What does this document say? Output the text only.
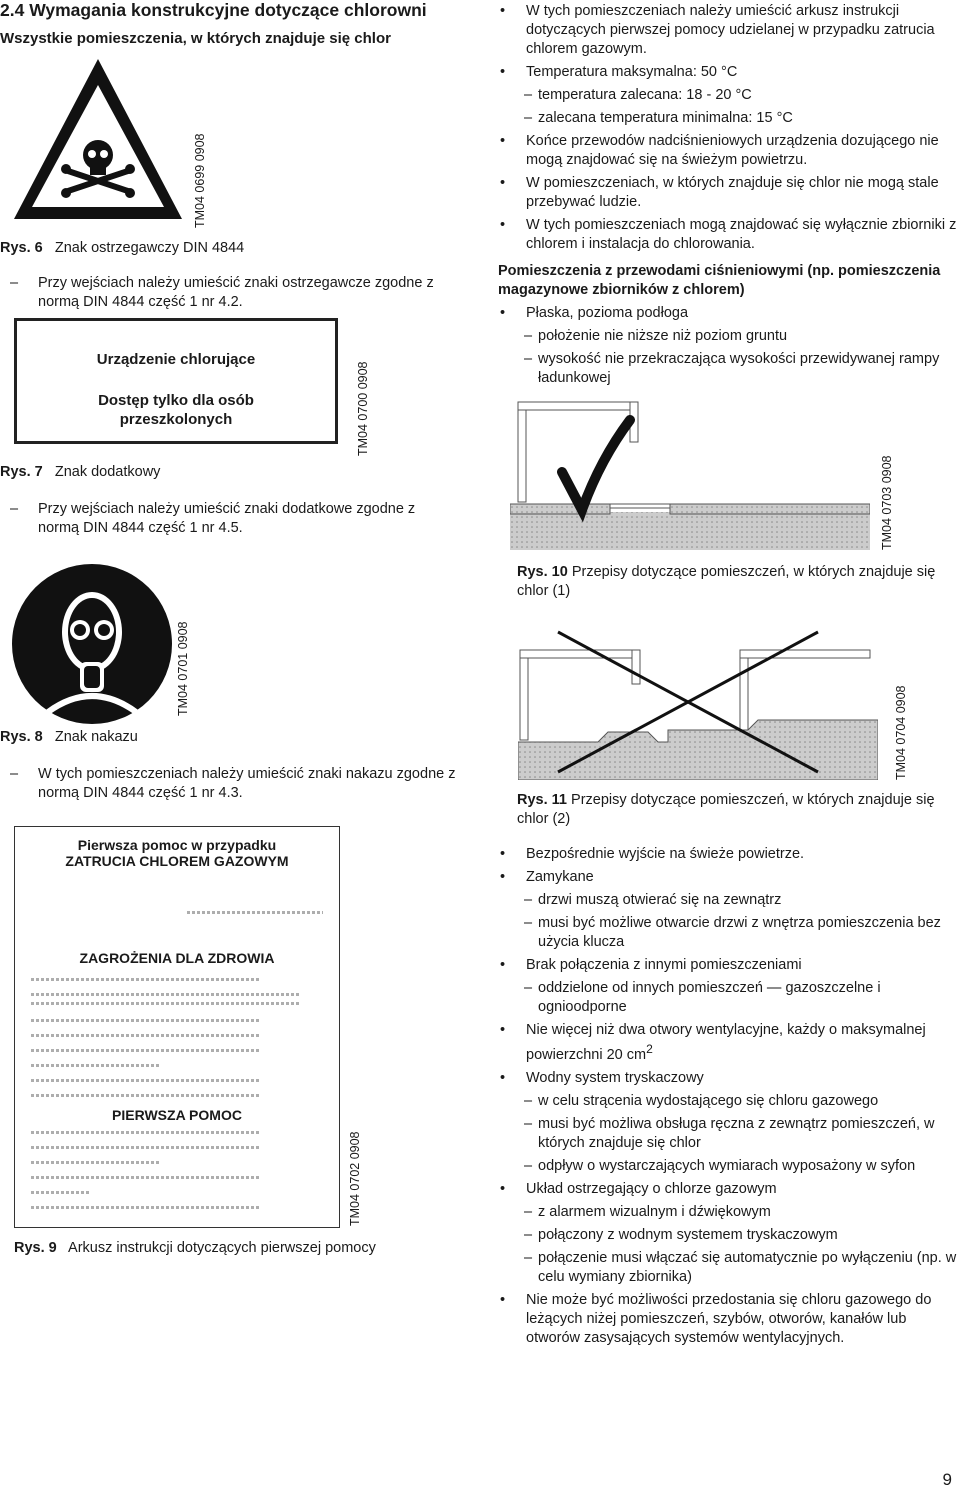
2.4 Wymagania konstrukcyjne dotyczące chlorowni
Wszystkie pomieszczenia, w których znajduje się chlor
TM04 0699 0908
Rys. 6 Znak ostrzegawczy DIN 4844
–	Przy wejściach należy umieścić znaki ostrzegawcze zgodne z normą DIN 4844 część 1 nr 4.2.
Urządzenie chlorujące
Dostęp tylko dla osób
przeszkolonych	TM04 0700 0908
Rys. 7 Znak dodatkowy
–	Przy wejściach należy umieścić znaki dodatkowe zgodne z normą DIN 4844 część 1 nr 4.5.
TM04 0701 0908
Rys. 8 Znak nakazu
–	W tych pomieszczeniach należy umieścić znaki nakazu zgodne z normą DIN 4844 część 1 nr 4.3.
Pierwsza pomoc w przypadku
ZATRUCIA CHLOREM GAZOWYM
ZAGROŻENIA DLA ZDROWIA
PIERWSZA POMOC
TM04 0702 0908
Rys. 9 Arkusz instrukcji dotyczących pierwszej pomocy
• W tych pomieszczeniach należy umieścić arkusz instrukcji dotyczących pierwszej pomocy udzielanej w przypadku zatrucia chlorem gazowym.
• Temperatura maksymalna: 50 °C
– temperatura zalecana: 18 - 20 °C
– zalecana temperatura minimalna: 15 °C
• Końce przewodów nadciśnieniowych urządzenia dozującego nie mogą znajdować się na świeżym powietrzu.
• W pomieszczeniach, w których znajduje się chlor nie mogą stale przebywać ludzie.
• W tych pomieszczeniach mogą znajdować się wyłącznie zbiorniki z chlorem i instalacja do chlorowania.
Pomieszczenia z przewodami ciśnieniowymi (np. pomieszczenia magazynowe zbiorników z chlorem)
• Płaska, pozioma podłoga
– położenie nie niższe niż poziom gruntu
– wysokość nie przekraczająca wysokości przewidywanej rampy ładunkowej
TM04 0703 0908
Rys. 10 Przepisy dotyczące pomieszczeń, w których znajduje się chlor (1)
TM04 0704 0908
Rys. 11 Przepisy dotyczące pomieszczeń, w których znajduje się chlor (2)
• Bezpośrednie wyjście na świeże powietrze.
• Zamykane
– drzwi muszą otwierać się na zewnątrz
– musi być możliwe otwarcie drzwi z wnętrza pomieszczenia bez użycia klucza
• Brak połączenia z innymi pomieszczeniami
– oddzielone od innych pomieszczeń — gazoszczelne i ognioodporne
• Nie więcej niż dwa otwory wentylacyjne, każdy o maksymalnej powierzchni 20 $cm^2$
• Wodny system tryskaczowy
– w celu strącenia wydostającego się chloru gazowego
– musi być możliwa obsługa ręczna z zewnątrz pomieszczeń, w których znajduje się chlor
– odpływ o wystarczających wymiarach wyposażony w syfon
• Układ ostrzegający o chlorze gazowym
– z alarmem wizualnym i dźwiękowym
– połączony z wodnym systemem tryskaczowym
– połączenie musi włączać się automatycznie po wyłączeniu (np. w celu wymiany zbiornika)
• Nie może być możliwości przedostania się chloru gazowego do leżących niżej pomieszczeń, szybów, otworów, kanałów lub otworów zasysających systemów wentylacyjnych.
9
